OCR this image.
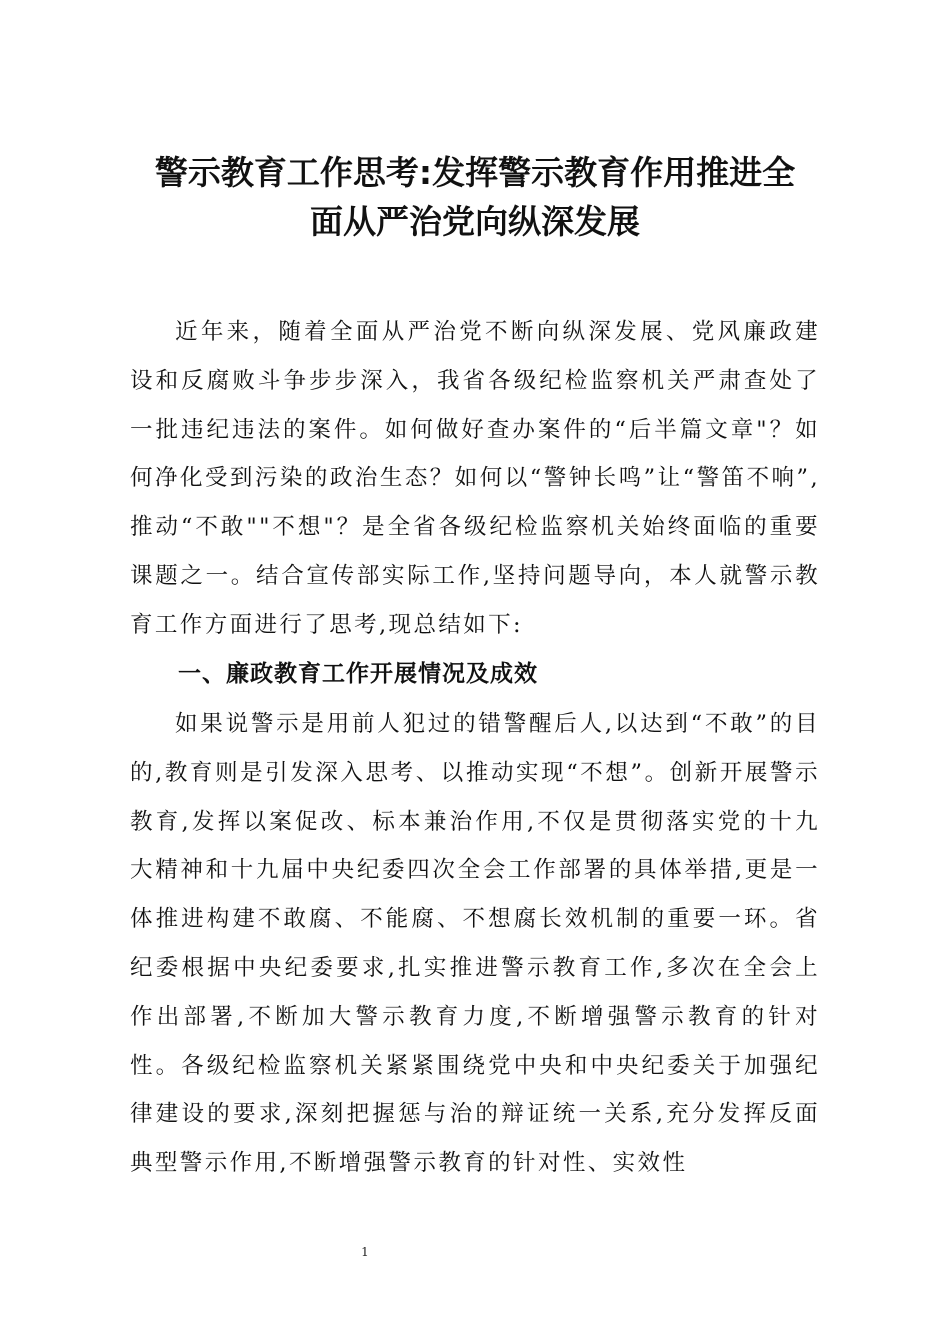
警示教育工作思考:发挥警示教育作用推进全
面从严治党向纵深发展

近年来，随着全面从严治党不断向纵深发展、党风廉政建设和反腐败斗争步步深入，我省各级纪检监察机关严肃查处了一批违纪违法的案件。如何做好查办案件的“后半篇文章"？如何净化受到污染的政治生态？如何以“警钟长鸣”让“警笛不响”,推动“不敢""不想"？是全省各级纪检监察机关始终面临的重要课题之一。结合宣传部实际工作,坚持问题导向，本人就警示教育工作方面进行了思考,现总结如下:

一、廉政教育工作开展情况及成效

如果说警示是用前人犯过的错警醒后人,以达到“不敢”的目的,教育则是引发深入思考、以推动实现“不想”。创新开展警示教育,发挥以案促改、标本兼治作用,不仅是贯彻落实党的十九大精神和十九届中央纪委四次全会工作部署的具体举措,更是一体推进构建不敢腐、不能腐、不想腐长效机制的重要一环。省纪委根据中央纪委要求,扎实推进警示教育工作,多次在全会上作出部署,不断加大警示教育力度,不断增强警示教育的针对性。各级纪检监察机关紧紧围绕党中央和中央纪委关于加强纪律建设的要求,深刻把握惩与治的辩证统一关系,充分发挥反面典型警示作用,不断增强警示教育的针对性、实效性

1
